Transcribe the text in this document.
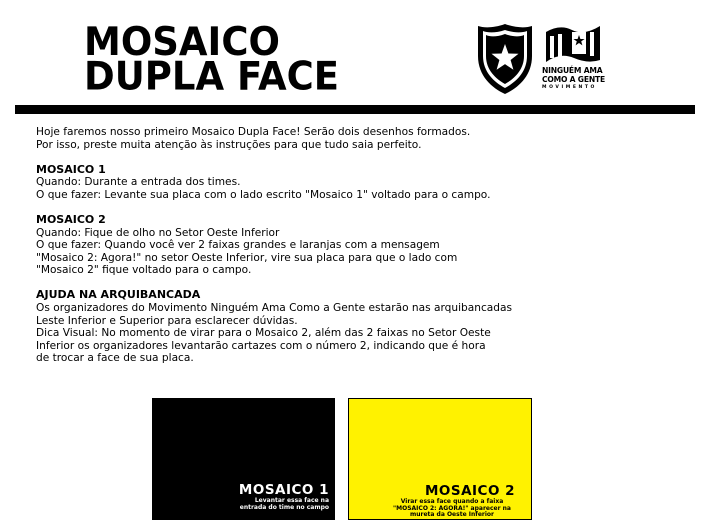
MOSAICO
DUPLA FACE	NINGUÉM AMA
COMO A GENTE
MOVIMENTO

Hoje faremos nosso primeiro Mosaico Dupla Face! Serão dois desenhos formados.

Por isso, preste muita atenção às instruções para que tudo saia perfeito.

MOSAICO 1

Quando: Durante a entrada dos times.

O que fazer: Levante sua placa com o lado escrito "Mosaico 1" voltado para o campo.

MOSAICO 2

Quando: Fique de olho no Setor Oeste Inferior

O que fazer: Quando você ver 2 faixas grandes e laranjas com a mensagem

"Mosaico 2: Agora!" no setor Oeste Inferior, vire sua placa para que o lado com

"Mosaico 2" fique voltado para o campo.

AJUDA NA ARQUIBANCADA

Os organizadores do Movimento Ninguém Ama Como a Gente estarão nas arquibancadas

Leste Inferior e Superior para esclarecer dúvidas.

Dica Visual: No momento de virar para o Mosaico 2, além das 2 faixas no Setor Oeste

Inferior os organizadores levantarão cartazes com o número 2, indicando que é hora

de trocar a face de sua placa.

MOSAICO 1
Levantar essa face na
entrada do time no campo
MOSAICO 2
Virar essa face quando a faixa
"MOSAICO 2: AGORA!" aparecer na
mureta da Oeste Inferior
